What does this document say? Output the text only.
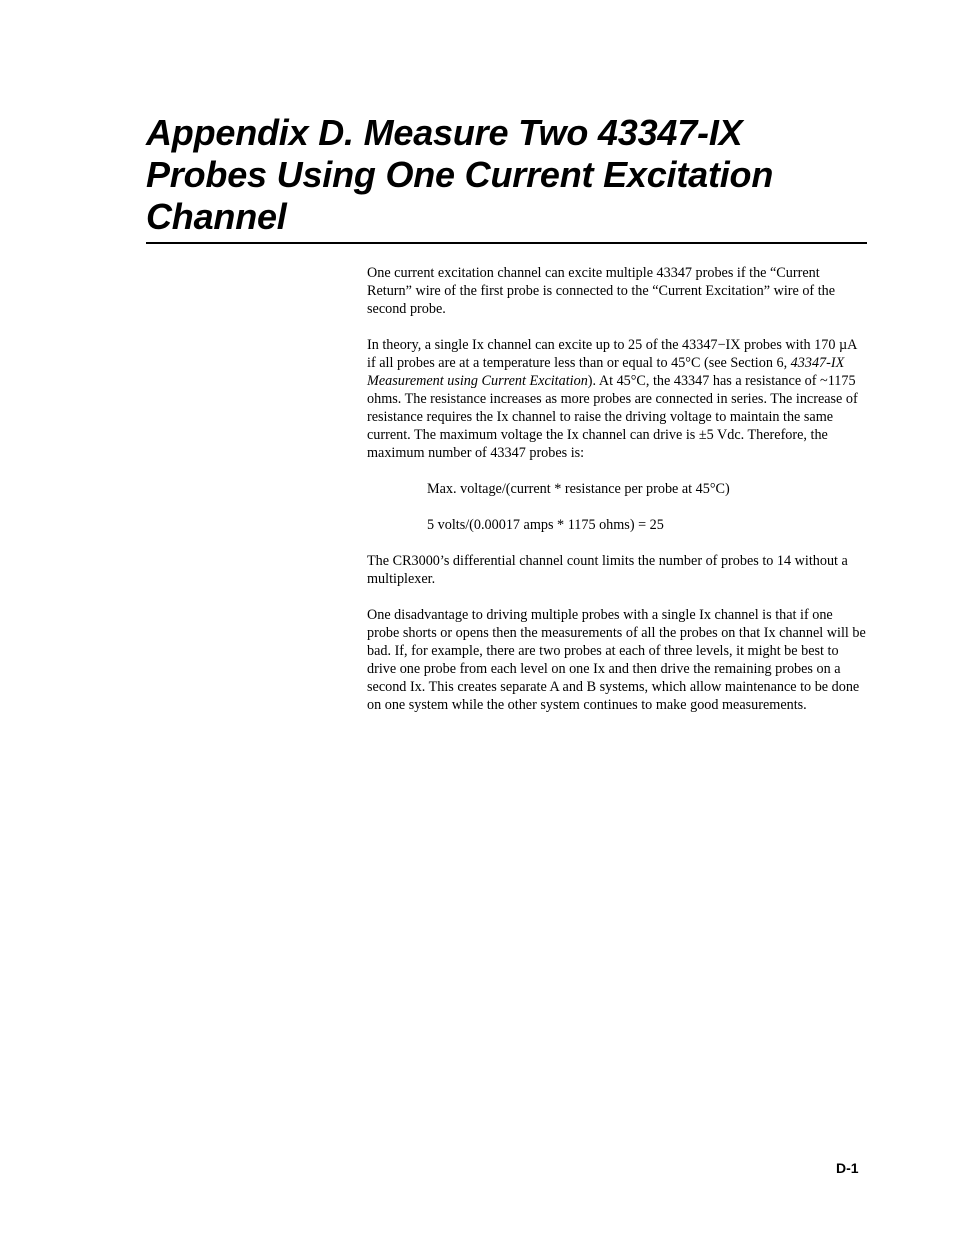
Appendix D. Measure Two 43347-IX
Probes Using One Current Excitation
Channel

One current excitation channel can excite multiple 43347 probes if the “Current Return” wire of the first probe is connected to the “Current Excitation” wire of the second probe.

In theory, a single Ix channel can excite up to 25 of the 43347−IX probes with 170 µA if all probes are at a temperature less than or equal to 45°C (see Section 6, 43347-IX Measurement using Current Excitation). At 45°C, the 43347 has a resistance of ~1175 ohms. The resistance increases as more probes are connected in series. The increase of resistance requires the Ix channel to raise the driving voltage to maintain the same current. The maximum voltage the Ix channel can drive is ±5 Vdc. Therefore, the maximum number of 43347 probes is:

Max. voltage/(current * resistance per probe at 45°C)

5 volts/(0.00017 amps * 1175 ohms) = 25

The CR3000’s differential channel count limits the number of probes to 14 without a multiplexer.

One disadvantage to driving multiple probes with a single Ix channel is that if one probe shorts or opens then the measurements of all the probes on that Ix channel will be bad. If, for example, there are two probes at each of three levels, it might be best to drive one probe from each level on one Ix and then drive the remaining probes on a second Ix. This creates separate A and B systems, which allow maintenance to be done on one system while the other system continues to make good measurements.

D-1
